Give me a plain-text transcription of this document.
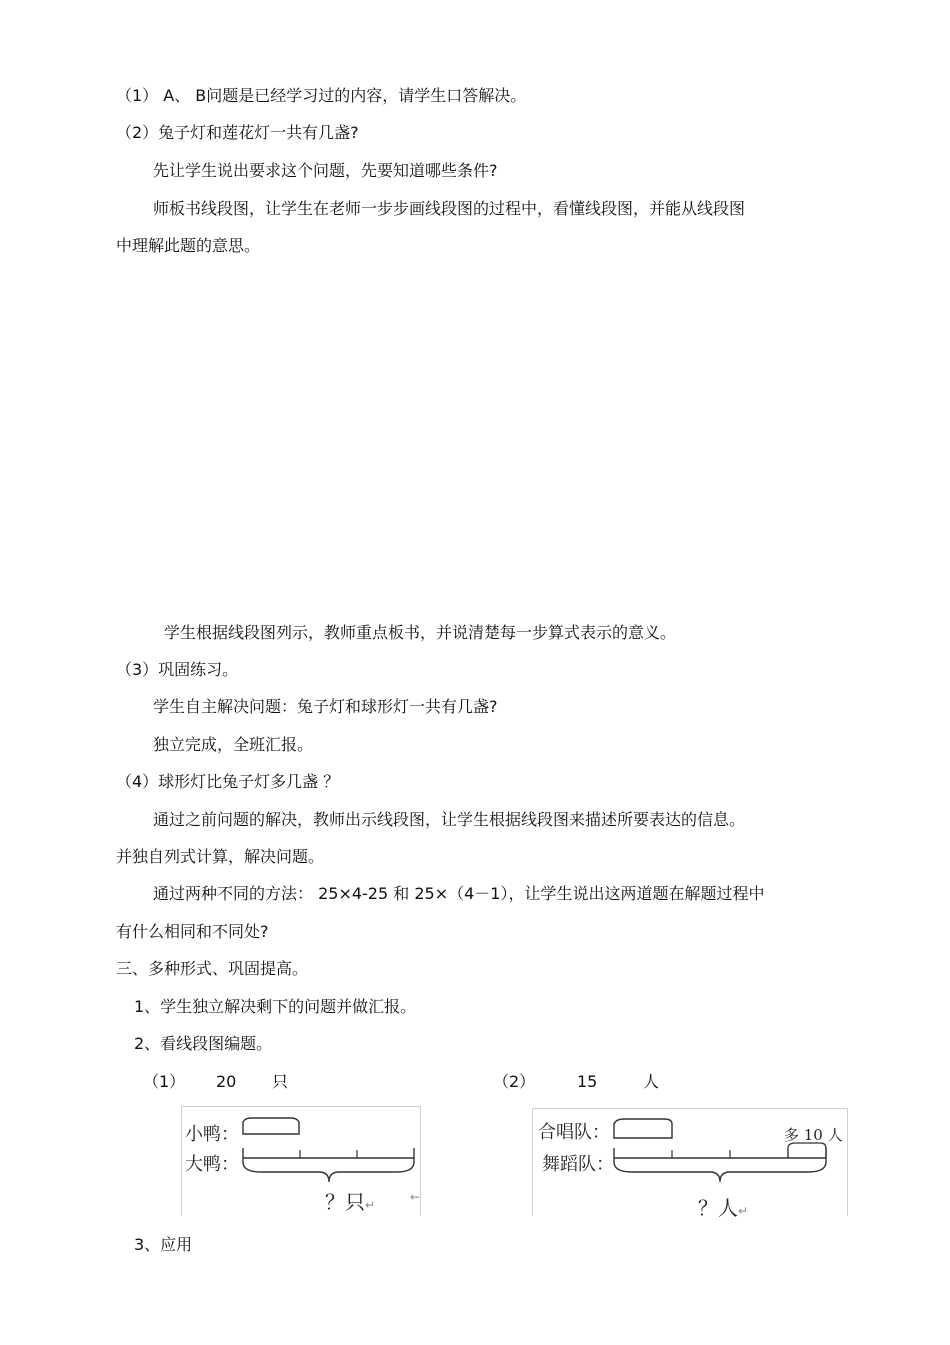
（1） A、 B问题是已经学习过的内容，请学生口答解决。
（2）兔子灯和莲花灯一共有几盏?
先让学生说出要求这个问题，先要知道哪些条件?
师板书线段图，让学生在老师一步步画线段图的过程中，看懂线段图，并能从线段图
中理解此题的意思。
学生根据线段图列示，教师重点板书，并说清楚每一步算式表示的意义。
（3）巩固练习。
学生自主解决问题：兔子灯和球形灯一共有几盏?
独立完成，全班汇报。
（4）球形灯比兔子灯多几盏 ？
通过之前问题的解决，教师出示线段图，让学生根据线段图来描述所要表达的信息。
并独自列式计算，解决问题。
通过两种不同的方法： 25×4-25 和 25×（4－1），让学生说出这两道题在解题过程中
有什么相同和不同处?
三、多种形式、巩固提高。
1、学生独立解决剩下的问题并做汇报。
2、看线段图编题。
（1） 20 只	（2）	15	人
小鸭：
大鸭：
？只↵
←
合唱队：
舞蹈队：
多 10 人
？人↵
3、应用
